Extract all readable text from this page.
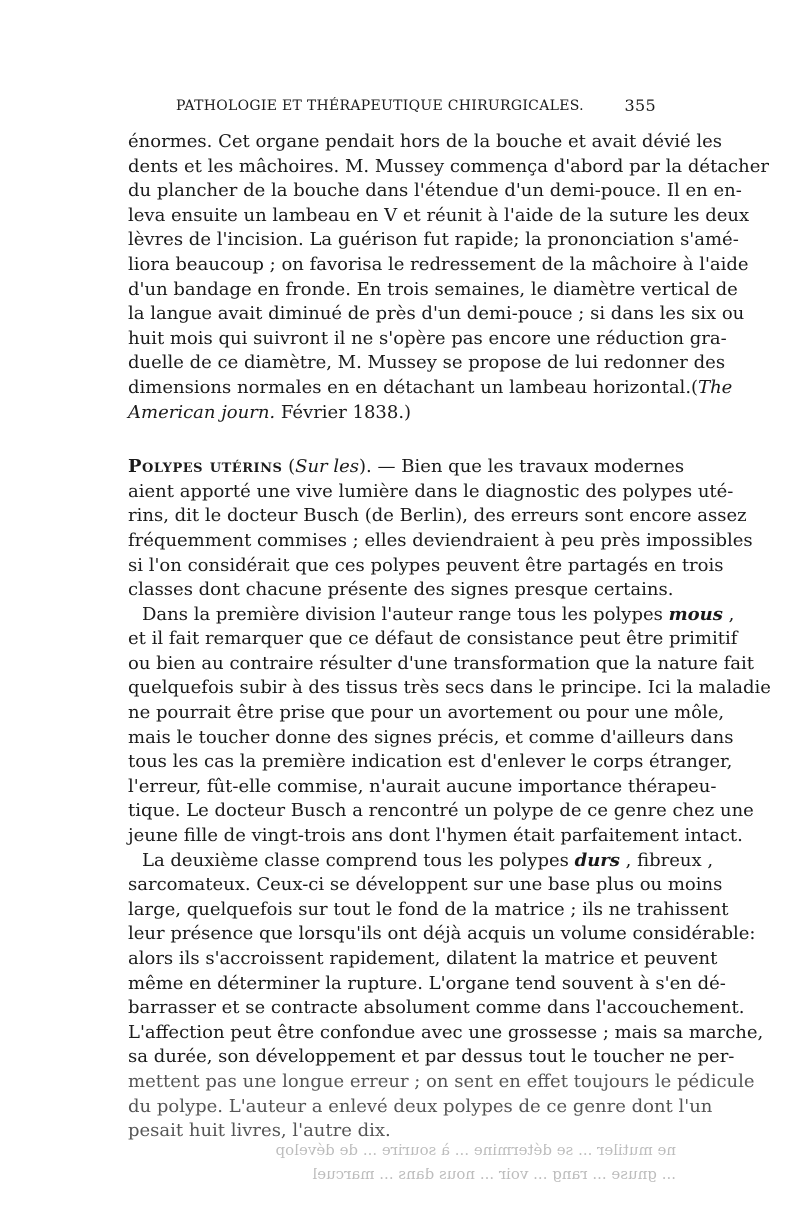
PATHOLOGIE ET THÉRAPEUTIQUE CHIRURGICALES.	355
énormes. Cet organe pendait hors de la bouche et avait dévié les
dents et les mâchoires. M. Mussey commença d'abord par la détacher
du plancher de la bouche dans l'étendue d'un demi-pouce. Il en en-
leva ensuite un lambeau en V et réunit à l'aide de la suture les deux
lèvres de l'incision. La guérison fut rapide; la prononciation s'amé-
liora beaucoup ; on favorisa le redressement de la mâchoire à l'aide
d'un bandage en fronde. En trois semaines, le diamètre vertical de
la langue avait diminué de près d'un demi-pouce ; si dans les six ou
huit mois qui suivront il ne s'opère pas encore une réduction gra-
duelle de ce diamètre, M. Mussey se propose de lui redonner des
dimensions normales en en détachant un lambeau horizontal.(The
American journ. Février 1838.)
Polypes utérins (Sur les). — Bien que les travaux modernes
aient apporté une vive lumière dans le diagnostic des polypes uté-
rins, dit le docteur Busch (de Berlin), des erreurs sont encore assez
fréquemment commises ; elles deviendraient à peu près impossibles
si l'on considérait que ces polypes peuvent être partagés en trois
classes dont chacune présente des signes presque certains.
Dans la première division l'auteur range tous les polypes mous ,
et il fait remarquer que ce défaut de consistance peut être primitif
ou bien au contraire résulter d'une transformation que la nature fait
quelquefois subir à des tissus très secs dans le principe. Ici la maladie
ne pourrait être prise que pour un avortement ou pour une môle,
mais le toucher donne des signes précis, et comme d'ailleurs dans
tous les cas la première indication est d'enlever le corps étranger,
l'erreur, fût-elle commise, n'aurait aucune importance thérapeu-
tique. Le docteur Busch a rencontré un polype de ce genre chez une
jeune fille de vingt-trois ans dont l'hymen était parfaitement intact.
La deuxième classe comprend tous les polypes durs , fibreux ,
sarcomateux. Ceux-ci se développent sur une base plus ou moins
large, quelquefois sur tout le fond de la matrice ; ils ne trahissent
leur présence que lorsqu'ils ont déjà acquis un volume considérable:
alors ils s'accroissent rapidement, dilatent la matrice et peuvent
même en déterminer la rupture. L'organe tend souvent à s'en dé-
barrasser et se contracte absolument comme dans l'accouchement.
L'affection peut être confondue avec une grossesse ; mais sa marche,
sa durée, son développement et par dessus tout le toucher ne per-
mettent pas une longue erreur ; on sent en effet toujours le pédicule
du polype. L'auteur a enlevé deux polypes de ce genre dont l'un
pesait huit livres, l'autre dix.
ne mutiler ... se détermine ... à sourire ... de dévelop
... gnuse ... rang ... voir ... nous dans ... marcuel
